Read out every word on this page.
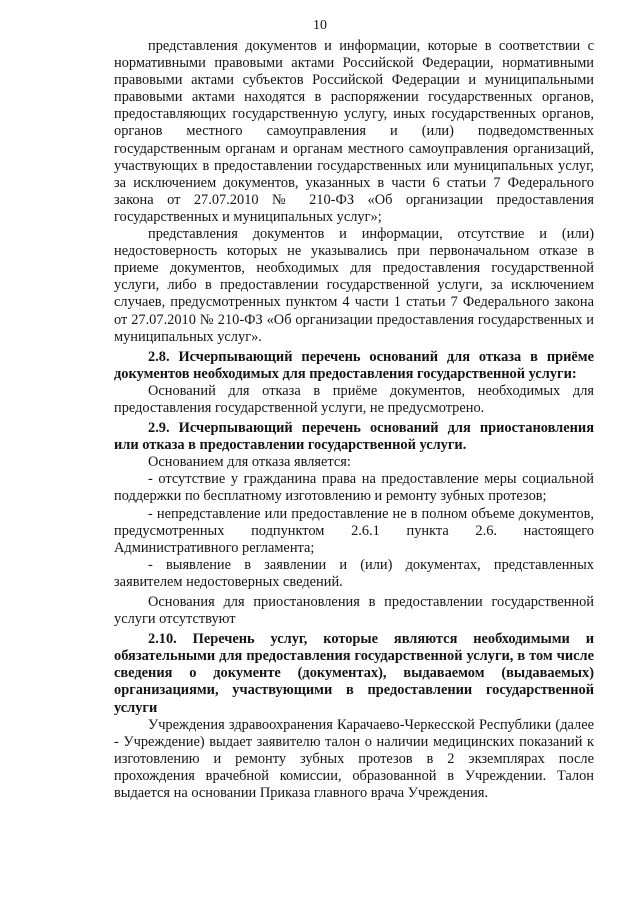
10

представления документов и информации, которые в соответствии с нормативными правовыми актами Российской Федерации, нормативными правовыми актами субъектов Российской Федерации и муниципальными правовыми актами находятся в распоряжении государственных органов, предоставляющих государственную услугу, иных государственных органов, органов местного самоуправления и (или) подведомственных государственным органам и органам местного самоуправления организаций, участвующих в предоставлении государственных или муниципальных услуг, за исключением документов, указанных в части 6 статьи 7 Федерального закона от 27.07.2010 № 210-ФЗ «Об организации предоставления государственных и муниципальных услуг»;

представления документов и информации, отсутствие и (или) недостоверность которых не указывались при первоначальном отказе в приеме документов, необходимых для предоставления государственной услуги, либо в предоставлении государственной услуги, за исключением случаев, предусмотренных пунктом 4 части 1 статьи 7 Федерального закона от 27.07.2010 № 210-ФЗ «Об организации предоставления государственных и муниципальных услуг».

2.8. Исчерпывающий перечень оснований для отказа в приёме документов необходимых для предоставления государственной услуги:

Оснований для отказа в приёме документов, необходимых для предоставления государственной услуги, не предусмотрено.

2.9. Исчерпывающий перечень оснований для приостановления или отказа в предоставлении государственной услуги.

Основанием для отказа является:

- отсутствие у гражданина права на предоставление меры социальной поддержки по бесплатному изготовлению и ремонту зубных протезов;

- непредставление или предоставление не в полном объеме документов, предусмотренных подпунктом 2.6.1 пункта 2.6. настоящего Административного регламента;

- выявление в заявлении и (или) документах, представленных заявителем недостоверных сведений.

Основания для приостановления в предоставлении государственной услуги отсутствуют

2.10. Перечень услуг, которые являются необходимыми и обязательными для предоставления государственной услуги, в том числе сведения о документе (документах), выдаваемом (выдаваемых) организациями, участвующими в предоставлении государственной услуги

Учреждения здравоохранения Карачаево-Черкесской Республики (далее - Учреждение) выдает заявителю талон о наличии медицинских показаний к изготовлению и ремонту зубных протезов в 2 экземплярах после прохождения врачебной комиссии, образованной в Учреждении. Талон выдается на основании Приказа главного врача Учреждения.
